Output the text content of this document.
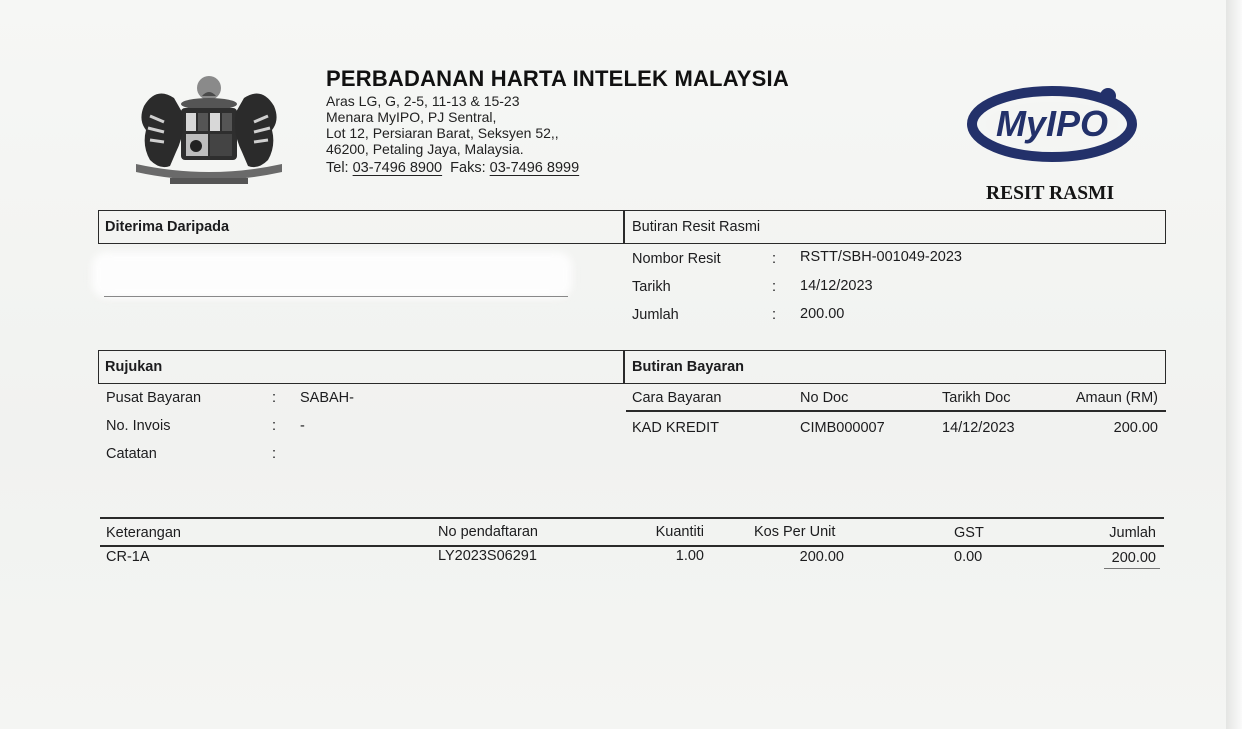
PERBADANAN HARTA INTELEK MALAYSIA
Aras LG, G, 2-5, 11-13 & 15-23
Menara MyIPO, PJ Sentral,
Lot 12, Persiaran Barat, Seksyen 52,,
46200, Petaling Jaya, Malaysia.
Tel: 03-7496 8900 Faks: 03-7496 8999
MyIPO
RESIT RASMI
Diterima Daripada	Butiran Resit Rasmi
Nombor Resit	: RSTT/SBH-001049-2023
Tarikh	: 14/12/2023
Jumlah	: 200.00
Rujukan	Butiran Bayaran
Pusat Bayaran	: SABAH-
No. Invois	: -
Catatan	:
Cara Bayaran	No Doc	Tarikh Doc	Amaun (RM)
KAD KREDIT	CIMB000007	14/12/2023	200.00
Keterangan	No pendaftaran	Kuantiti	Kos Per Unit	GST	Jumlah
CR-1A	LY2023S06291	1.00	200.00	0.00	200.00
